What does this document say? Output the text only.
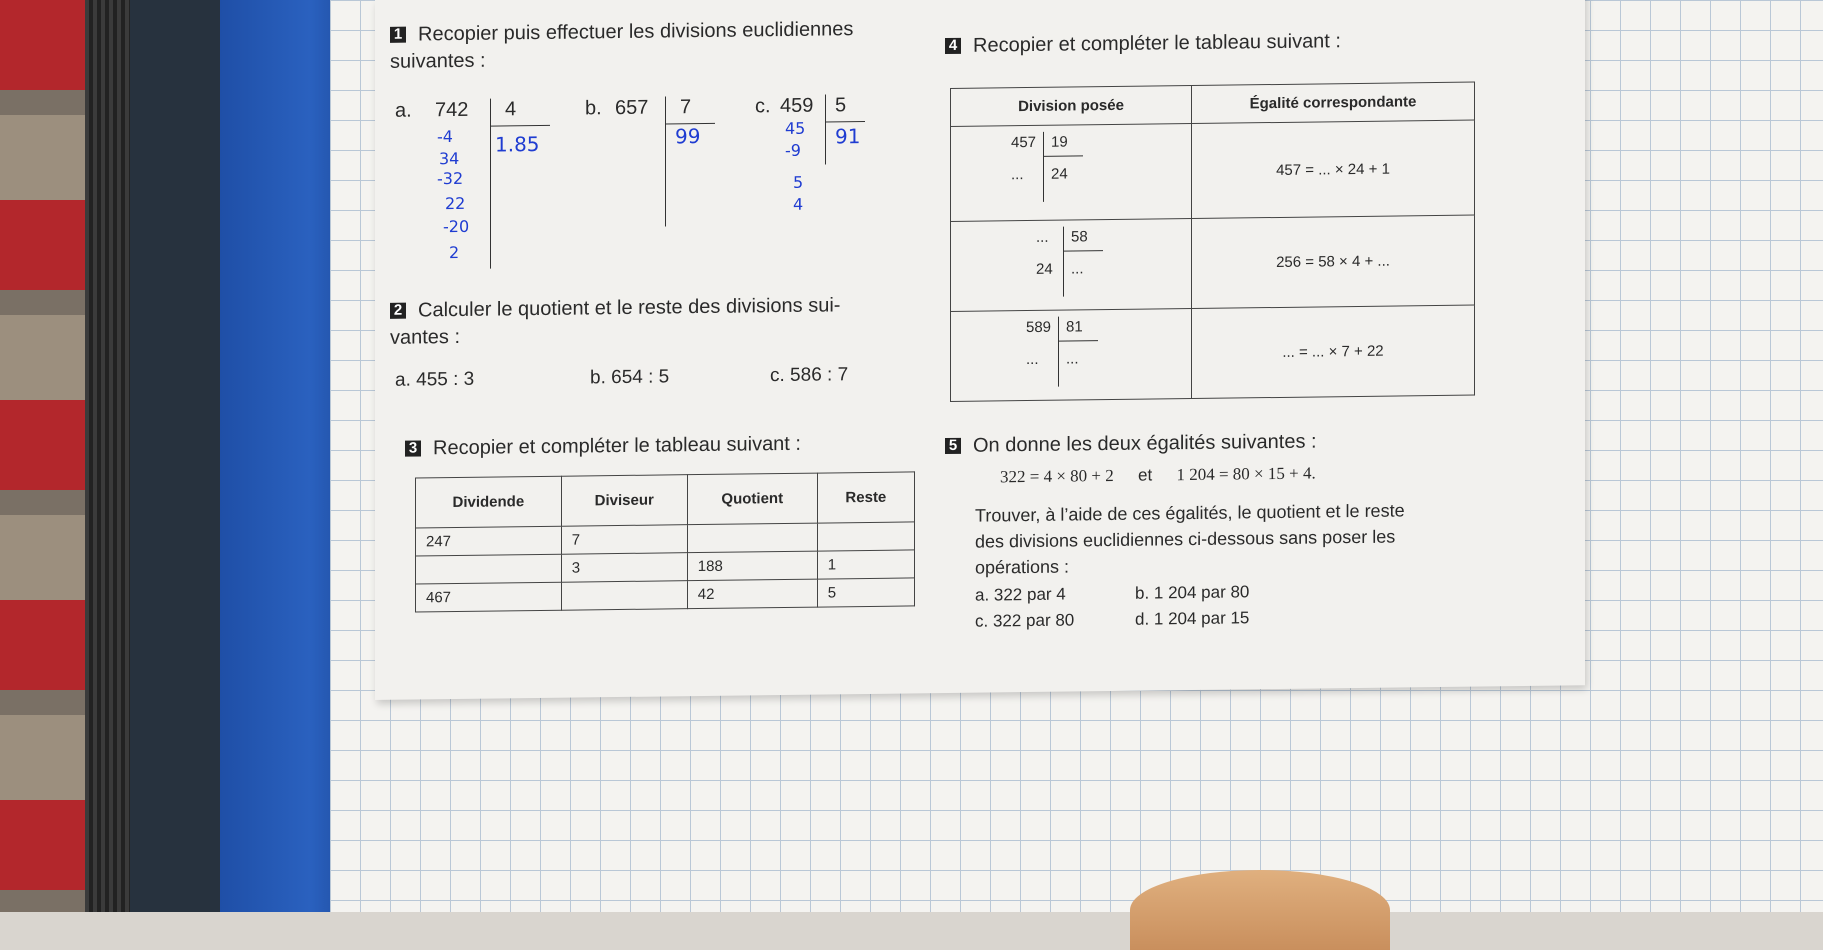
1 Recopier puis effectuer les divisions euclidiennes
suivantes :
a. 742 4
1.85
-4
34
-32
22
-20
2
b. 657 7
99
c. 459 5
91
45
-9
5
4
2 Calculer le quotient et le reste des divisions sui-
vantes :
a. 455 : 3	b. 654 : 5	c. 586 : 7
3 Recopier et compléter le tableau suivant :
Dividende	Diviseur	Quotient	Reste
247	7		
	3	188	1
467		42	5
4 Recopier et compléter le tableau suivant :
Division posée	Égalité correspondante

457 19
... 24	457 = ... × 24 + 1

... 58
24 ...	256 = 58 × 4 + ...

589 81
... ...	... = ... × 7 + 22
5 On donne les deux égalités suivantes :
322 = 4 × 80 + 2 et 1 204 = 80 × 15 + 4.
Trouver, à l’aide de ces égalités, le quotient et le reste
des divisions euclidiennes ci-dessous sans poser les
opérations :
a. 322 par 4	b. 1 204 par 80
c. 322 par 80	d. 1 204 par 15
